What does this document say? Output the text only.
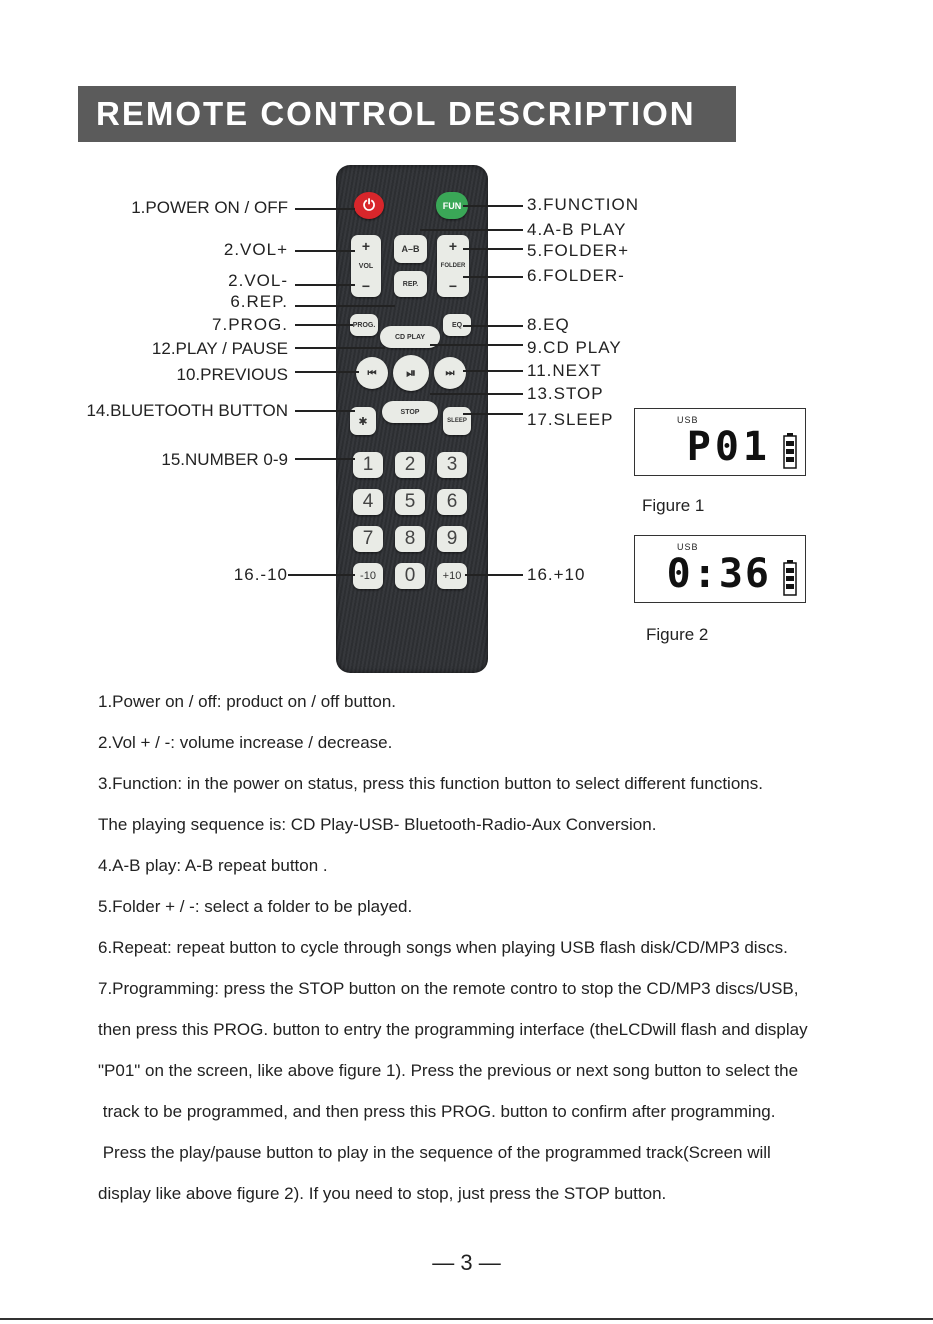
REMOTE CONTROL DESCRIPTION
⏻	FUN
+
VOL
−
A–B
REP.
+
FOLDER
−
PROG.	EQ
CD PLAY
⏮	⏯	⏭
STOP
✱	SLEEP
1	2	3
4	5	6
7	8	9
-10	0	+10
1.POWER ON / OFF
2.VOL+
2.VOL-
6.REP.
7.PROG.
12.PLAY / PAUSE
10.PREVIOUS
14.BLUETOOTH BUTTON
15.NUMBER 0-9
16.-10
3.FUNCTION
4.A-B PLAY
5.FOLDER+
6.FOLDER-
8.EQ
9.CD PLAY
11.NEXT
13.STOP
17.SLEEP
16.+10
USB
P01
Figure 1
USB
0:36
Figure 2

1.Power on / off: product on / off button.

2.Vol + / -: volume increase / decrease.

3.Function: in the power on status, press this function button to select different functions.

The playing sequence is: CD Play-USB- Bluetooth-Radio-Aux Conversion.

4.A-B play: A-B repeat button .

5.Folder + / -: select a folder to be played.

6.Repeat: repeat button to cycle through songs when playing USB flash disk/CD/MP3 discs.

7.Programming: press the STOP button on the remote contro to stop the CD/MP3 discs/USB,

then press this PROG. button to entry the programming interface (theLCDwill flash and display

"P01" on the screen, like above figure 1). Press the previous or next song button to select the

track to be programmed, and then press this PROG. button to confirm after programming.

Press the play/pause button to play in the sequence of the programmed track(Screen will

display like above figure 2). If you need to stop, just press the STOP button.

— 3 —
